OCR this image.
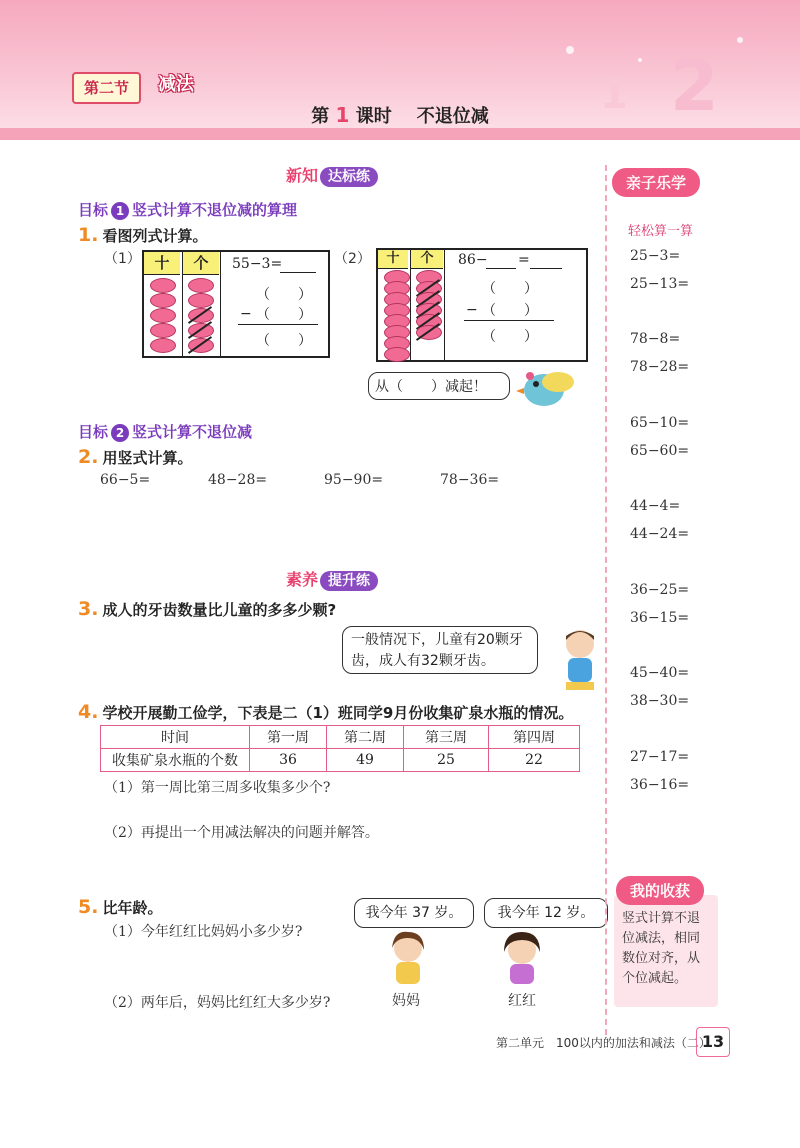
2
1
第二节	减法
第 1 课时 不退位减
新知 达标练
目标 1 竖式计算不退位减的算理
1. 看图列式计算。
（1） 十	个	55−3=
（　　）
− （　　）
（　　）
（2）	十	个	86− =
（　　）
− （　　）
（　　）
从（　　）减起！
目标 2 竖式计算不退位减
2. 用竖式计算。
66−5=	48−28=	95−90=	78−36=
素养 提升练
3. 成人的牙齿数量比儿童的多多少颗?
一般情况下，儿童有20颗牙齿，成人有32颗牙齿。
4. 学校开展勤工俭学，下表是二（1）班同学9月份收集矿泉水瓶的情况。
时间	第一周	第二周	第三周	第四周
收集矿泉水瓶的个数	36	49	25	22
（1）第一周比第三周多收集多少个?
（2）再提出一个用减法解决的问题并解答。
5. 比年龄。
（1）今年红红比妈妈小多少岁?
（2）两年后，妈妈比红红大多少岁?
我今年 37 岁。	我今年 12 岁。
妈妈	红红
亲子乐学
轻松算一算
25−3=
25−13=
78−8=
78−28=
65−10=
65−60=
44−4=
44−24=
36−25=
36−15=
45−40=
38−30=
27−17=
36−16=
竖式计算不退位减法，相同数位对齐，从个位减起。
我的收获
第二单元　100以内的加法和减法（二）
13
